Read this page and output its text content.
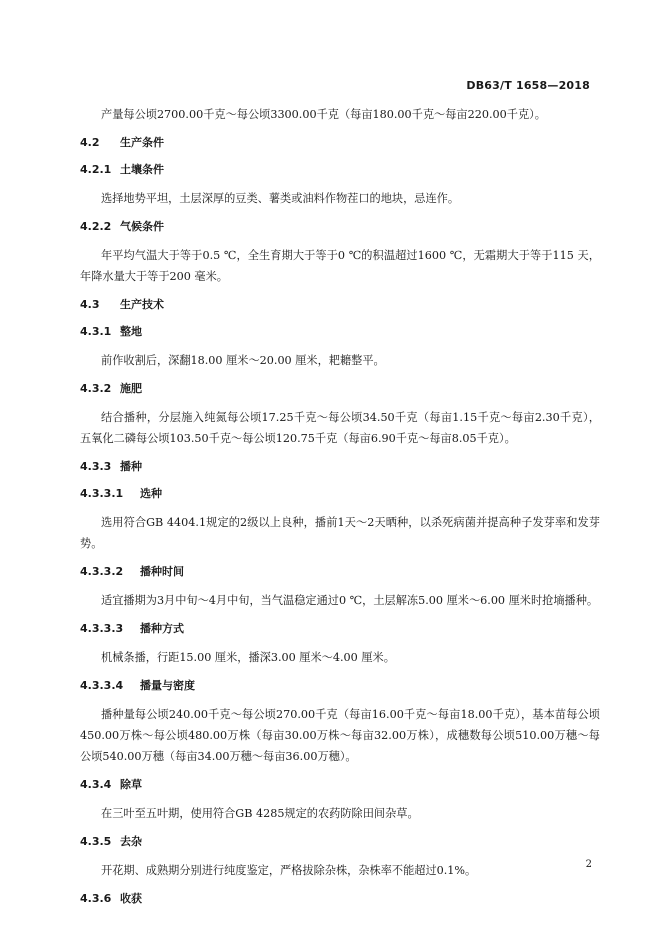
DB63/T 1658—2018

产量每公顷2700.00千克～每公顷3300.00千克（每亩180.00千克～每亩220.00千克）。

4.2 生产条件
4.2.1 土壤条件

选择地势平坦，土层深厚的豆类、薯类或油料作物茬口的地块，忌连作。

4.2.2 气候条件

年平均气温大于等于0.5 ℃，全生育期大于等于0 ℃的积温超过1600 ℃，无霜期大于等于115 天，年降水量大于等于200 毫米。

4.3 生产技术
4.3.1 整地

前作收割后，深翻18.00 厘米～20.00 厘米，耙耱整平。

4.3.2 施肥

结合播种，分层施入纯氮每公顷17.25千克～每公顷34.50千克（每亩1.15千克～每亩2.30千克），五氧化二磷每公顷103.50千克～每公顷120.75千克（每亩6.90千克～每亩8.05千克）。

4.3.3 播种
4.3.3.1 选种

选用符合GB 4404.1规定的2级以上良种，播前1天～2天晒种，以杀死病菌并提高种子发芽率和发芽势。

4.3.3.2 播种时间

适宜播期为3月中旬～4月中旬，当气温稳定通过0 ℃，土层解冻5.00 厘米～6.00 厘米时抢墒播种。

4.3.3.3 播种方式

机械条播，行距15.00 厘米，播深3.00 厘米～4.00 厘米。

4.3.3.4 播量与密度

播种量每公顷240.00千克～每公顷270.00千克（每亩16.00千克～每亩18.00千克），基本苗每公顷450.00万株～每公顷480.00万株（每亩30.00万株～每亩32.00万株），成穗数每公顷510.00万穗～每公顷540.00万穗（每亩34.00万穗～每亩36.00万穗）。

4.3.4 除草

在三叶至五叶期，使用符合GB 4285规定的农药防除田间杂草。

4.3.5 去杂

开花期、成熟期分别进行纯度鉴定，严格拔除杂株，杂株率不能超过0.1%。

4.3.6 收获
2
